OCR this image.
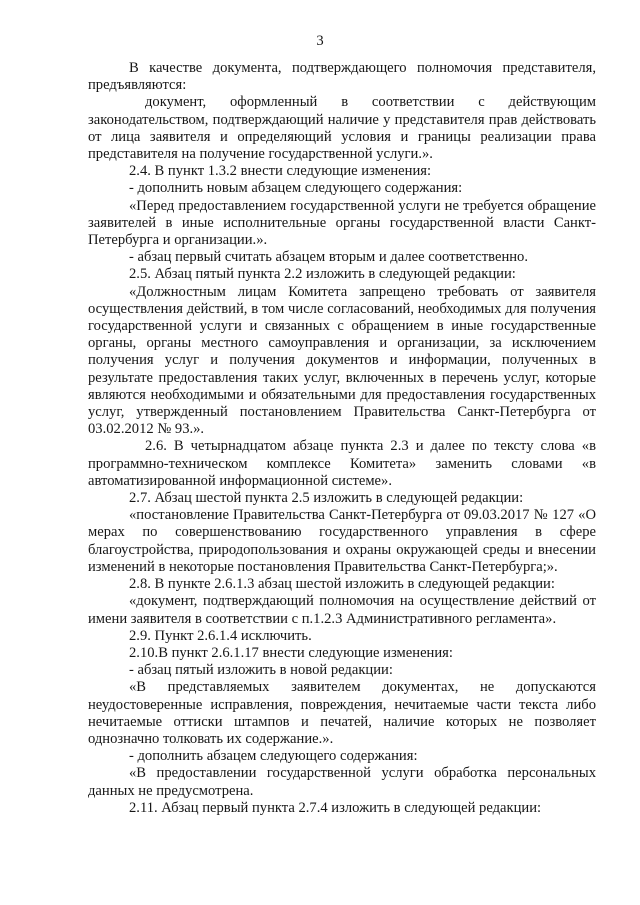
3

В качестве документа, подтверждающего полномочия представителя, предъявляются:

документ, оформленный в соответствии с действующим законодательством, подтверждающий наличие у представителя прав действовать от лица заявителя и определяющий условия и границы реализации права представителя на получение государственной услуги.».

2.4. В пункт 1.3.2 внести следующие изменения:

- дополнить новым абзацем следующего содержания:

«Перед предоставлением государственной услуги не требуется обращение заявителей в иные исполнительные органы государственной власти Санкт-Петербурга и организации.».

- абзац первый считать абзацем вторым и далее соответственно.

2.5. Абзац пятый пункта 2.2 изложить в следующей редакции:

«Должностным лицам Комитета запрещено требовать от заявителя осуществления действий, в том числе согласований, необходимых для получения государственной услуги и связанных с обращением в иные государственные органы, органы местного самоуправления и организации, за исключением получения услуг и получения документов и информации, полученных в результате предоставления таких услуг, включенных в перечень услуг, которые являются необходимыми и обязательными для предоставления государственных услуг, утвержденный постановлением Правительства Санкт-Петербурга от 03.02.2012 № 93.».

2.6. В четырнадцатом абзаце пункта 2.3 и далее по тексту слова «в программно-техническом комплексе Комитета» заменить словами «в автоматизированной информационной системе».

2.7. Абзац шестой пункта 2.5 изложить в следующей редакции:

«постановление Правительства Санкт-Петербурга от 09.03.2017 № 127 «О мерах по совершенствованию государственного управления в сфере благоустройства, природопользования и охраны окружающей среды и внесении изменений в некоторые постановления Правительства Санкт-Петербурга;».

2.8. В пункте 2.6.1.3 абзац шестой изложить в следующей редакции:

«документ, подтверждающий полномочия на осуществление действий от имени заявителя в соответствии с п.1.2.3 Административного регламента».

2.9. Пункт 2.6.1.4 исключить.

2.10.В пункт 2.6.1.17 внести следующие изменения:

- абзац пятый изложить в новой редакции:

«В представляемых заявителем документах, не допускаются неудостоверенные исправления, повреждения, нечитаемые части текста либо нечитаемые оттиски штампов и печатей, наличие которых не позволяет однозначно толковать их содержание.».

- дополнить абзацем следующего содержания:

«В предоставлении государственной услуги обработка персональных данных не предусмотрена.

2.11. Абзац первый пункта 2.7.4 изложить в следующей редакции:
